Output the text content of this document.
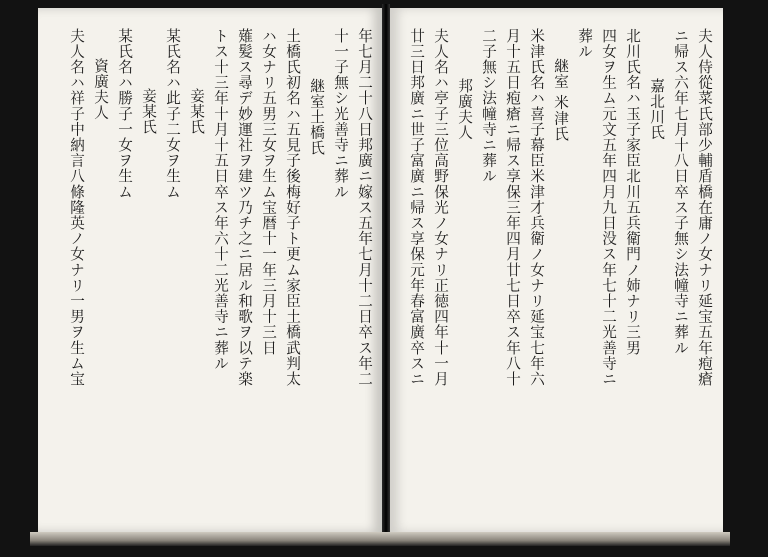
年七月二十八日邦廣ニ嫁ス五年七月十二日卒ス年二
十一子無シ光善寺ニ葬ル
継室土橋氏
土橋氏初名ハ五見子後梅好子ト更ム家臣土橋武判太
ハ女ナリ五男三女ヲ生ム宝暦十一年三月十三日
薙髪ス尋デ妙運社ヲ建ツ乃チ之ニ居ル和歌ヲ以テ楽
トス十三年十月十五日卒ス年六十二光善寺ニ葬ル
妾某氏
某氏名ハ此子二女ヲ生ム
妾某氏
某氏名ハ勝子一女ヲ生ム
資廣夫人
夫人名ハ祥子中納言八條隆英ノ女ナリ一男ヲ生ム宝	夫人侍從菜氏部少輔盾橋在庸ノ女ナリ延宝五年疱瘡
ニ帰ス六年七月十八日卒ス子無シ法幢寺ニ葬ル
嘉北川氏
北川氏名ハ玉子家臣北川五兵衛門ノ姉ナリ三男
四女ヲ生ム元文五年四月九日没ス年七十二光善寺ニ
葬ル
継室 米津氏
米津氏名ハ喜子幕臣米津才兵衛ノ女ナリ延宝七年六
月十五日疱瘡ニ帰ス享保三年四月廿七日卒ス年八十
二子無シ法幢寺ニ葬ル
邦廣夫人
夫人名ハ亭子三位高野保光ノ女ナリ正徳四年十一月
廿三日邦廣ニ世子富廣ニ帰ス享保元年春富廣卒スニ
